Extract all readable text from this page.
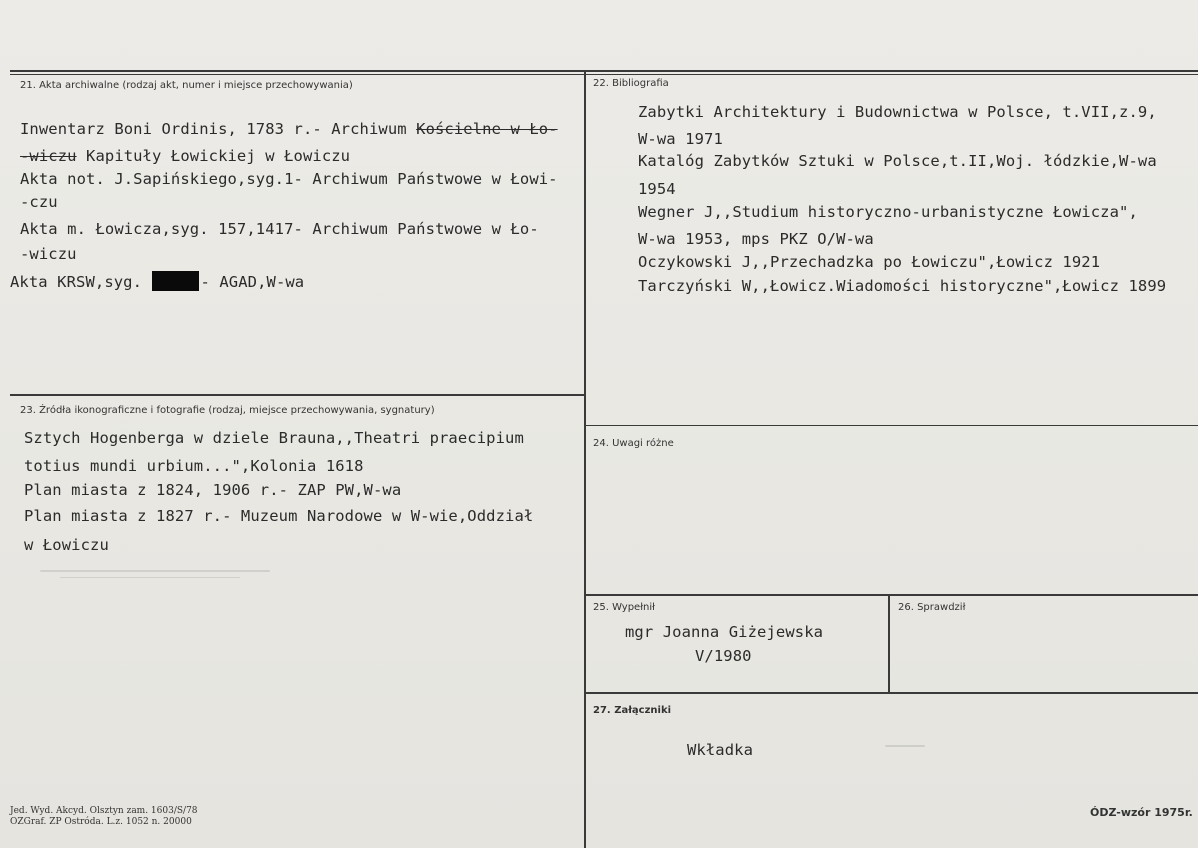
21. Akta archiwalne (rodzaj akt, numer i miejsce przechowywania)	22. Bibliografia
23. Źródła ikonograficzne i fotografie (rodzaj, miejsce przechowywania, sygnatury)
24. Uwagi różne
25. Wypełnił	26. Sprawdził
27. Załączniki
Inwentarz Boni Ordinis, 1783 r.- Archiwum Kościelne w Ło-
-wiczu Kapituły Łowickiej w Łowiczu
Akta not. J.Sapińskiego,syg.1- Archiwum Państwowe w Łowi-
-czu
Akta m. Łowicza,syg. 157,1417- Archiwum Państwowe w Ło-
-wiczu
Akta KRSW,syg.	- AGAD,W-wa
Zabytki Architektury i Budownictwa w Polsce, t.VII,z.9,
W-wa 1971
Katalóg Zabytków Sztuki w Polsce,t.II,Woj. łódzkie,W-wa
1954
Wegner J,,Studium historyczno-urbanistyczne Łowicza",
W-wa 1953, mps PKZ O/W-wa
Oczykowski J,,Przechadzka po Łowiczu",Łowicz 1921
Tarczyński W,,Łowicz.Wiadomości historyczne",Łowicz 1899
Sztych Hogenberga w dziele Brauna,,Theatri praecipium
totius mundi urbium...",Kolonia 1618
Plan miasta z 1824, 1906 r.- ZAP PW,W-wa
Plan miasta z 1827 r.- Muzeum Narodowe w W-wie,Oddział
w Łowiczu
mgr Joanna Giżejewska
V/1980
Wkładka
Jed. Wyd. Akcyd. Olsztyn zam. 1603/S/78
OZGraf. ZP Ostróda. L.z. 1052 n. 20000
ÓDZ-wzór 1975r.
